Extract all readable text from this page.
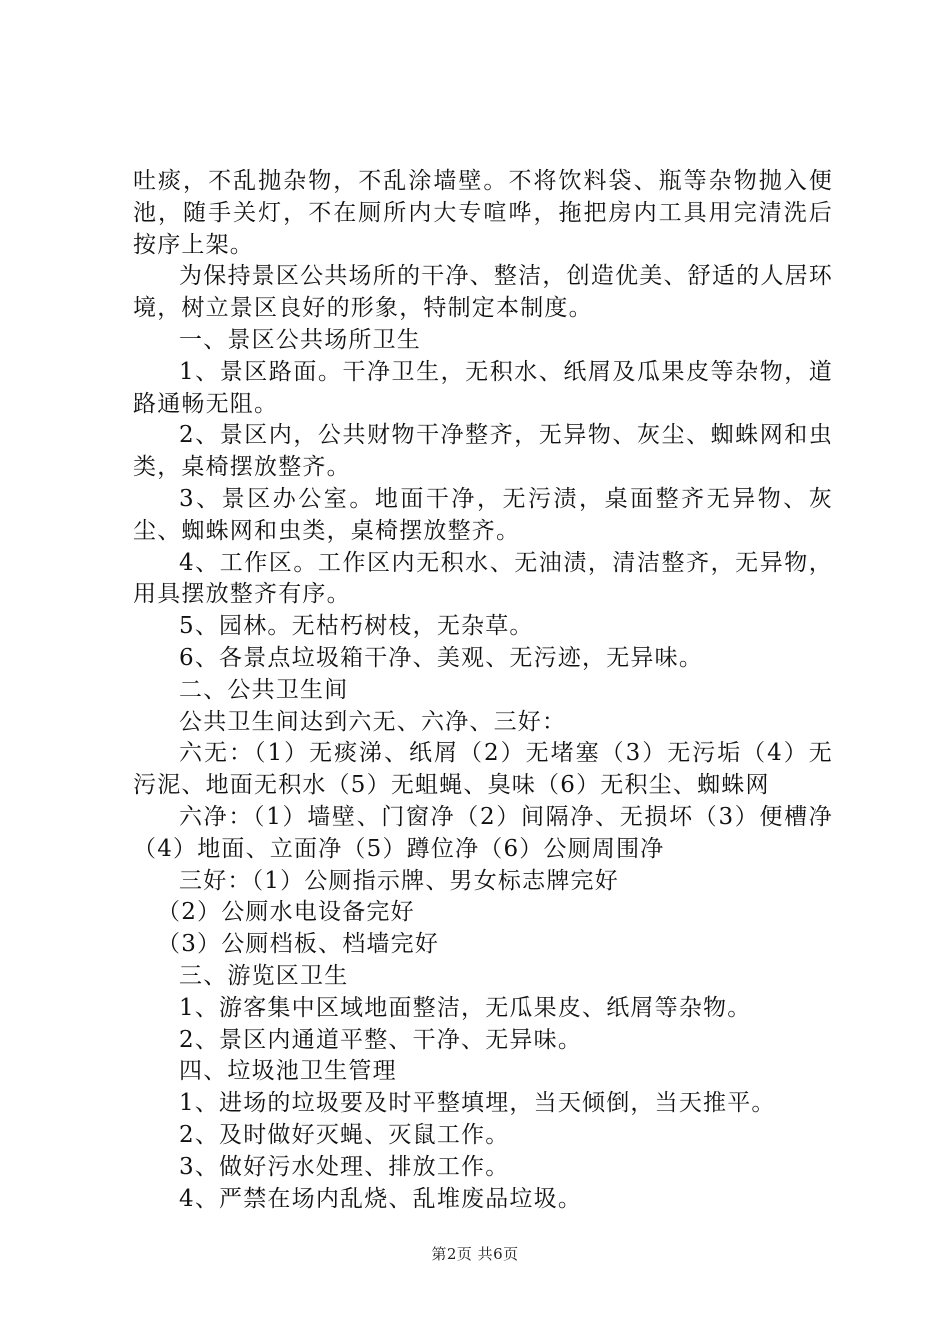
吐痰，不乱抛杂物，不乱涂墙壁。不将饮料袋、瓶等杂物抛入便池，随手关灯，不在厕所内大专喧哗，拖把房内工具用完清洗后按序上架。

为保持景区公共场所的干净、整洁，创造优美、舒适的人居环境，树立景区良好的形象，特制定本制度。

一、景区公共场所卫生

1、景区路面。干净卫生，无积水、纸屑及瓜果皮等杂物，道路通畅无阻。

2、景区内，公共财物干净整齐，无异物、灰尘、蜘蛛网和虫类，桌椅摆放整齐。

3、景区办公室。地面干净，无污渍，桌面整齐无异物、灰尘、蜘蛛网和虫类，桌椅摆放整齐。

4、工作区。工作区内无积水、无油渍，清洁整齐，无异物，用具摆放整齐有序。

5、园林。无枯朽树枝，无杂草。

6、各景点垃圾箱干净、美观、无污迹，无异味。

二、公共卫生间

公共卫生间达到六无、六净、三好：

六无：（1）无痰涕、纸屑（2）无堵塞（3）无污垢（4）无污泥、地面无积水（5）无蛆蝇、臭味（6）无积尘、蜘蛛网

六净：（1）墙壁、门窗净（2）间隔净、无损坏（3）便槽净（4）地面、立面净（5）蹲位净（6）公厕周围净

三好：（1）公厕指示牌、男女标志牌完好

（2）公厕水电设备完好

（3）公厕档板、档墙完好

三、游览区卫生

1、游客集中区域地面整洁，无瓜果皮、纸屑等杂物。

2、景区内通道平整、干净、无异味。

四、垃圾池卫生管理

1、进场的垃圾要及时平整填埋，当天倾倒，当天推平。

2、及时做好灭蝇、灭鼠工作。

3、做好污水处理、排放工作。

4、严禁在场内乱烧、乱堆废品垃圾。

第2页 共6页
